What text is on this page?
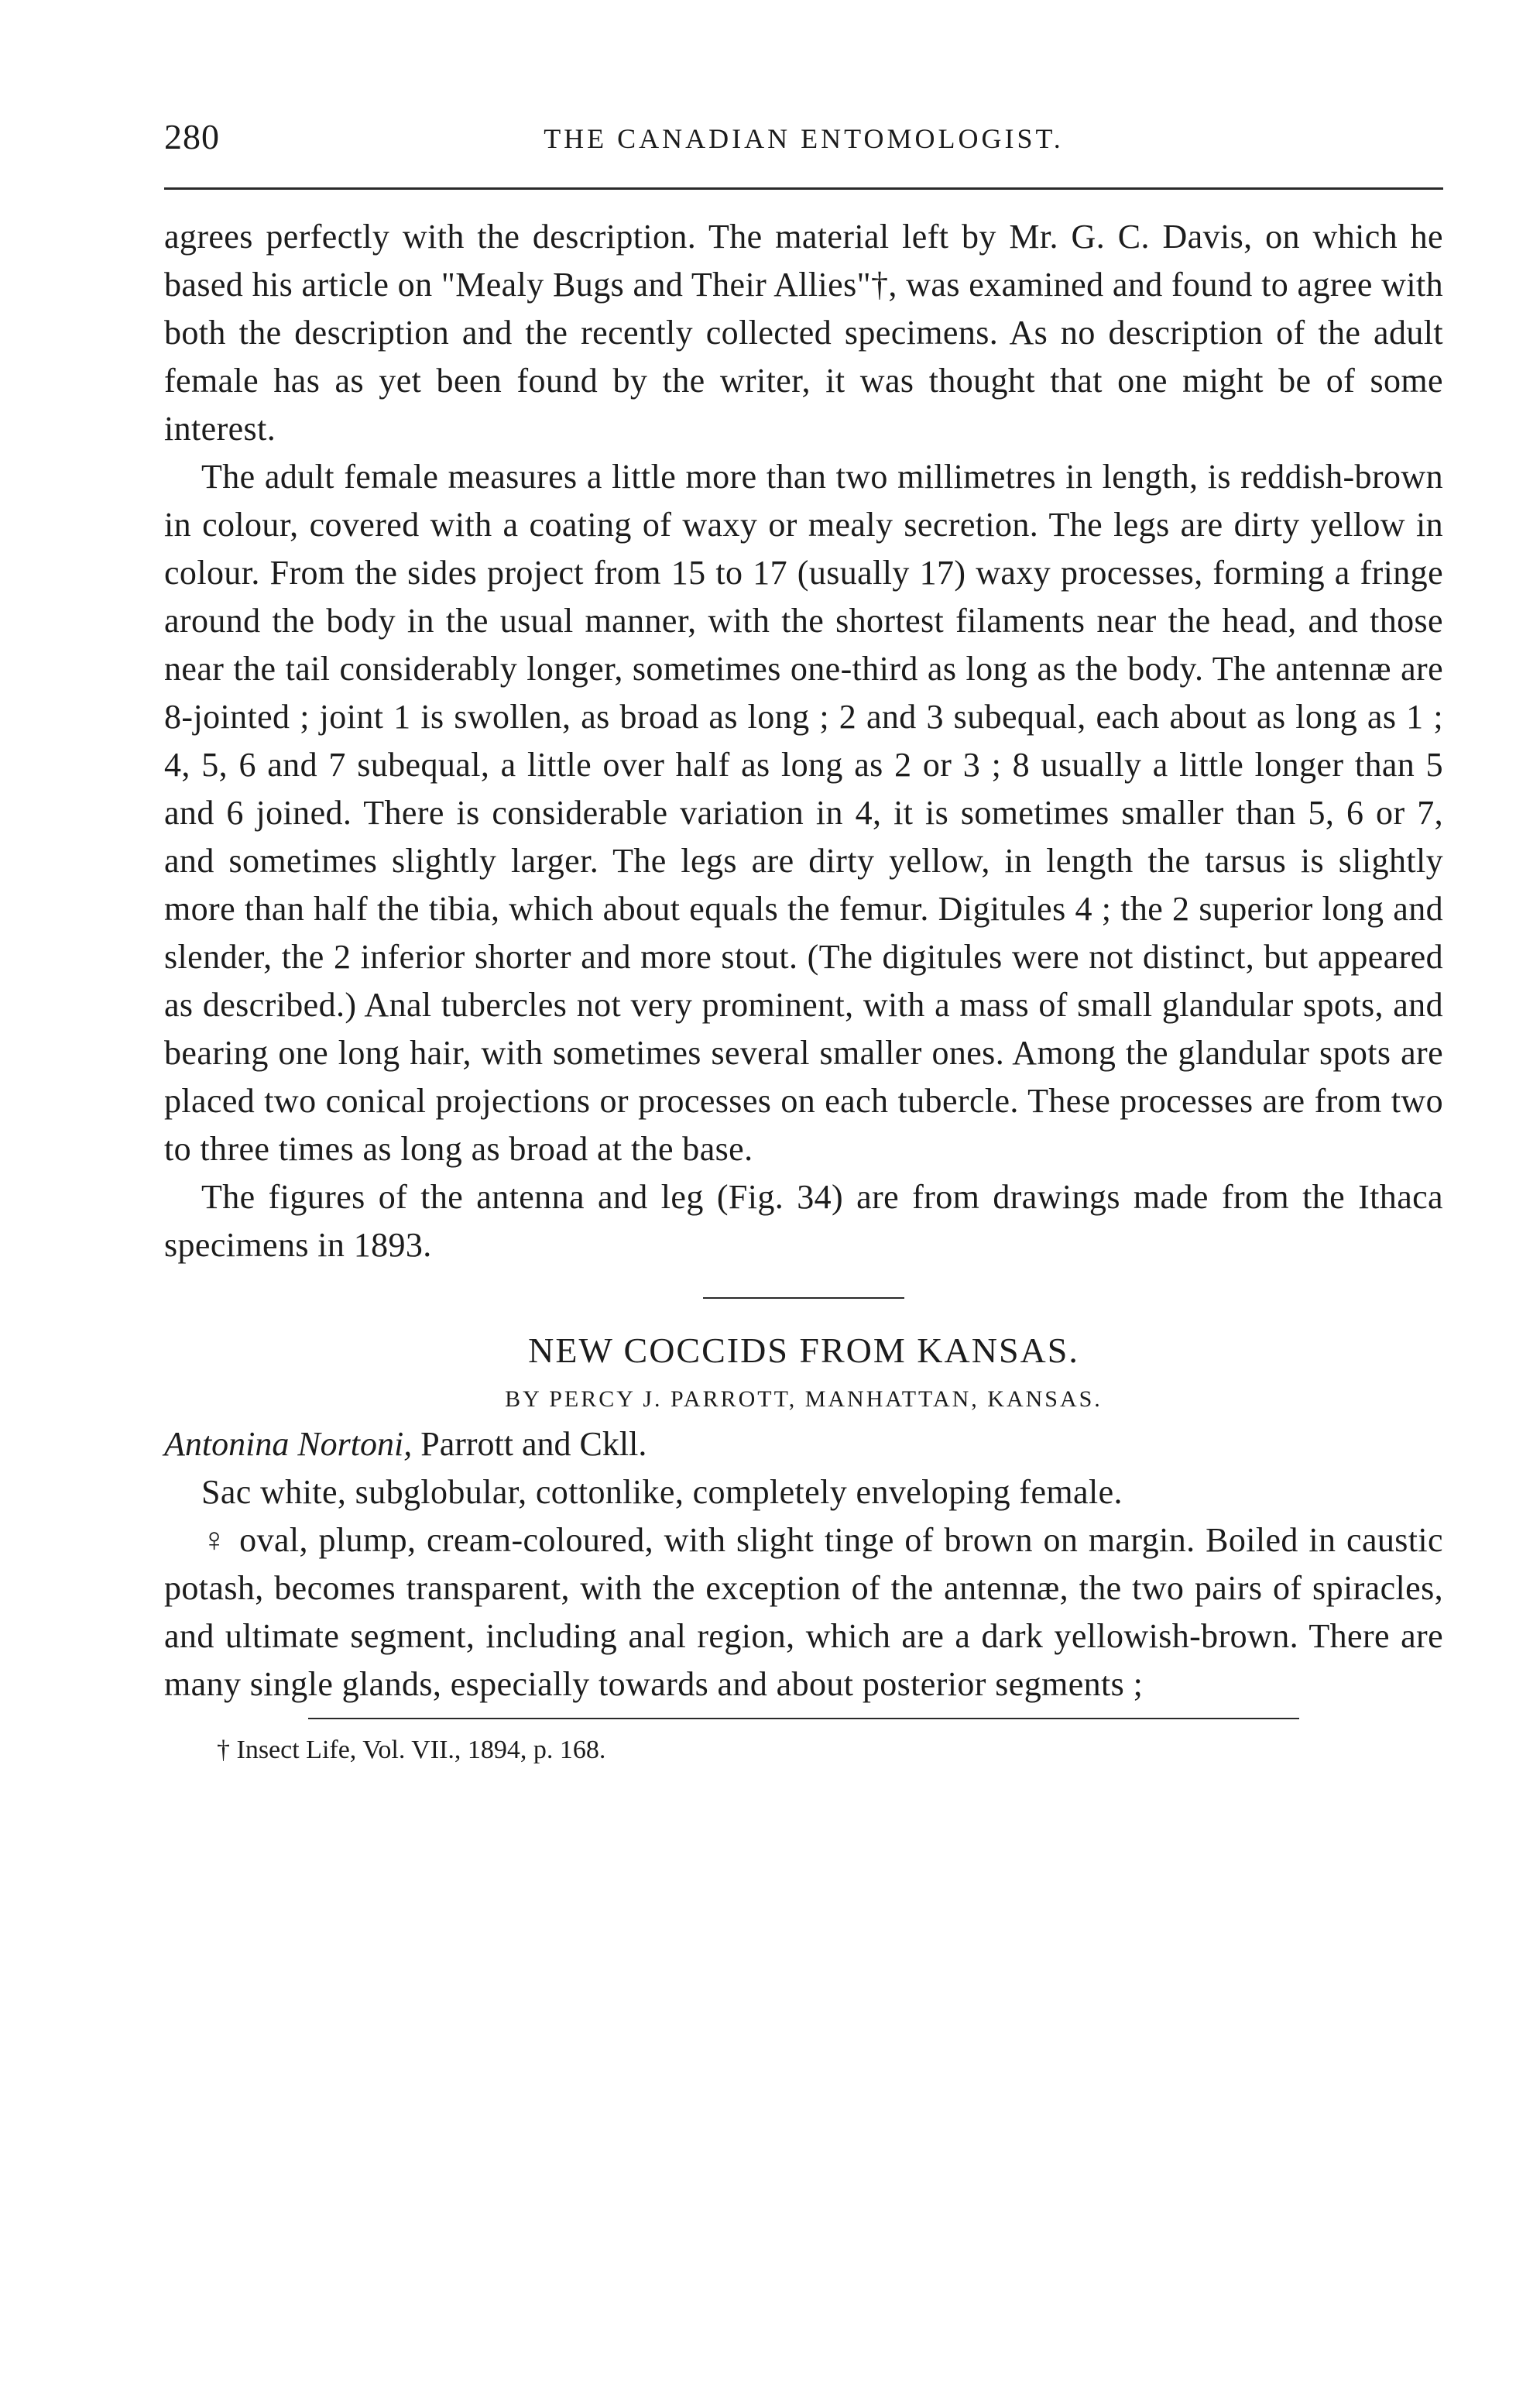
280	THE CANADIAN ENTOMOLOGIST.

agrees perfectly with the description. The material left by Mr. G. C. Davis, on which he based his article on "Mealy Bugs and Their Allies"†, was examined and found to agree with both the description and the recently collected specimens. As no description of the adult female has as yet been found by the writer, it was thought that one might be of some interest.

The adult female measures a little more than two millimetres in length, is reddish-brown in colour, covered with a coating of waxy or mealy secretion. The legs are dirty yellow in colour. From the sides project from 15 to 17 (usually 17) waxy processes, forming a fringe around the body in the usual manner, with the shortest filaments near the head, and those near the tail considerably longer, sometimes one-third as long as the body. The antennæ are 8-jointed ; joint 1 is swollen, as broad as long ; 2 and 3 subequal, each about as long as 1 ; 4, 5, 6 and 7 subequal, a little over half as long as 2 or 3 ; 8 usually a little longer than 5 and 6 joined. There is considerable variation in 4, it is sometimes smaller than 5, 6 or 7, and sometimes slightly larger. The legs are dirty yellow, in length the tarsus is slightly more than half the tibia, which about equals the femur. Digitules 4 ; the 2 superior long and slender, the 2 inferior shorter and more stout. (The digitules were not distinct, but appeared as described.) Anal tubercles not very prominent, with a mass of small glandular spots, and bearing one long hair, with sometimes several smaller ones. Among the glandular spots are placed two conical projections or processes on each tubercle. These processes are from two to three times as long as broad at the base.

The figures of the antenna and leg (Fig. 34) are from drawings made from the Ithaca specimens in 1893.

NEW COCCIDS FROM KANSAS.
BY PERCY J. PARROTT, MANHATTAN, KANSAS.
Antonina Nortoni, Parrott and Ckll.

Sac white, subglobular, cottonlike, completely enveloping female.

♀ oval, plump, cream-coloured, with slight tinge of brown on margin. Boiled in caustic potash, becomes transparent, with the exception of the antennæ, the two pairs of spiracles, and ultimate segment, including anal region, which are a dark yellowish-brown. There are many single glands, especially towards and about posterior segments ;

† Insect Life, Vol. VII., 1894, p. 168.
